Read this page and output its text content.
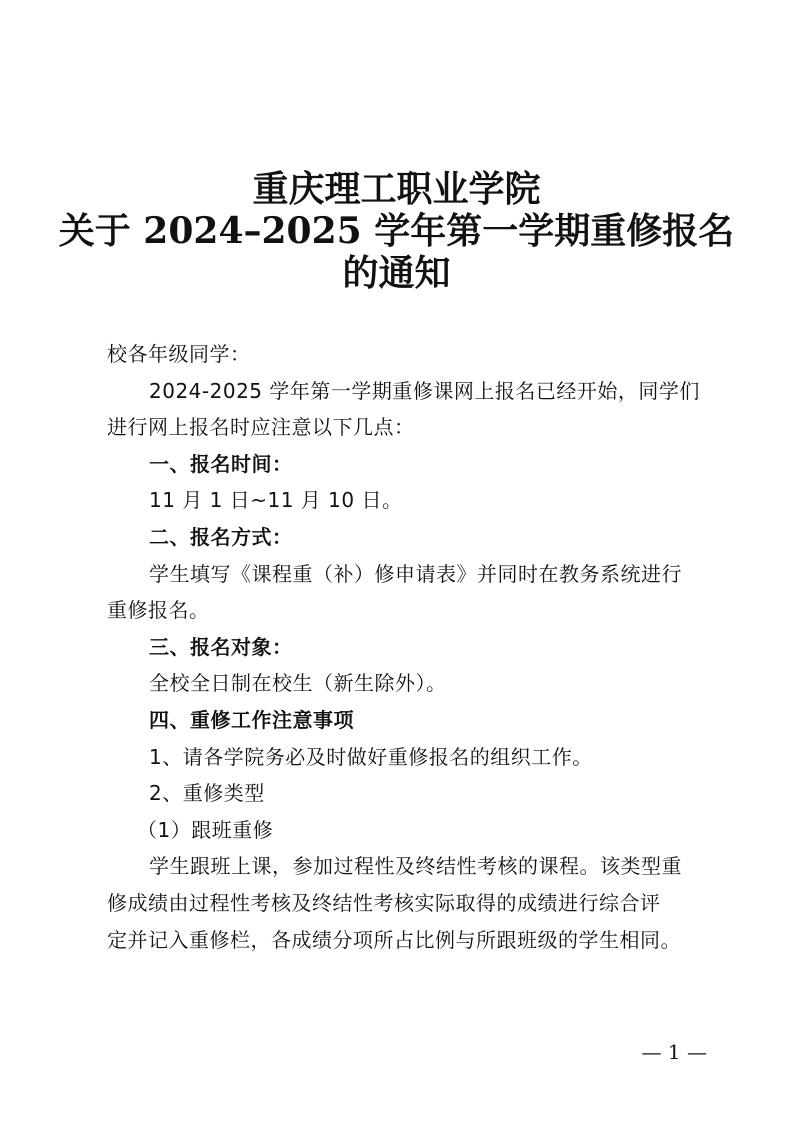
重庆理工职业学院
关于 2024–2025 学年第一学期重修报名
的通知

校各年级同学：

2024-2025 学年第一学期重修课网上报名已经开始，同学们

进行网上报名时应注意以下几点：

一、报名时间：

11 月 1 日~11 月 10 日。

二、报名方式：

学生填写《课程重（补）修申请表》并同时在教务系统进行

重修报名。

三、报名对象：

全校全日制在校生（新生除外）。

四、重修工作注意事项

1、请各学院务必及时做好重修报名的组织工作。

2、重修类型

（1）跟班重修

学生跟班上课，参加过程性及终结性考核的课程。该类型重

修成绩由过程性考核及终结性考核实际取得的成绩进行综合评

定并记入重修栏，各成绩分项所占比例与所跟班级的学生相同。

— 1 —
